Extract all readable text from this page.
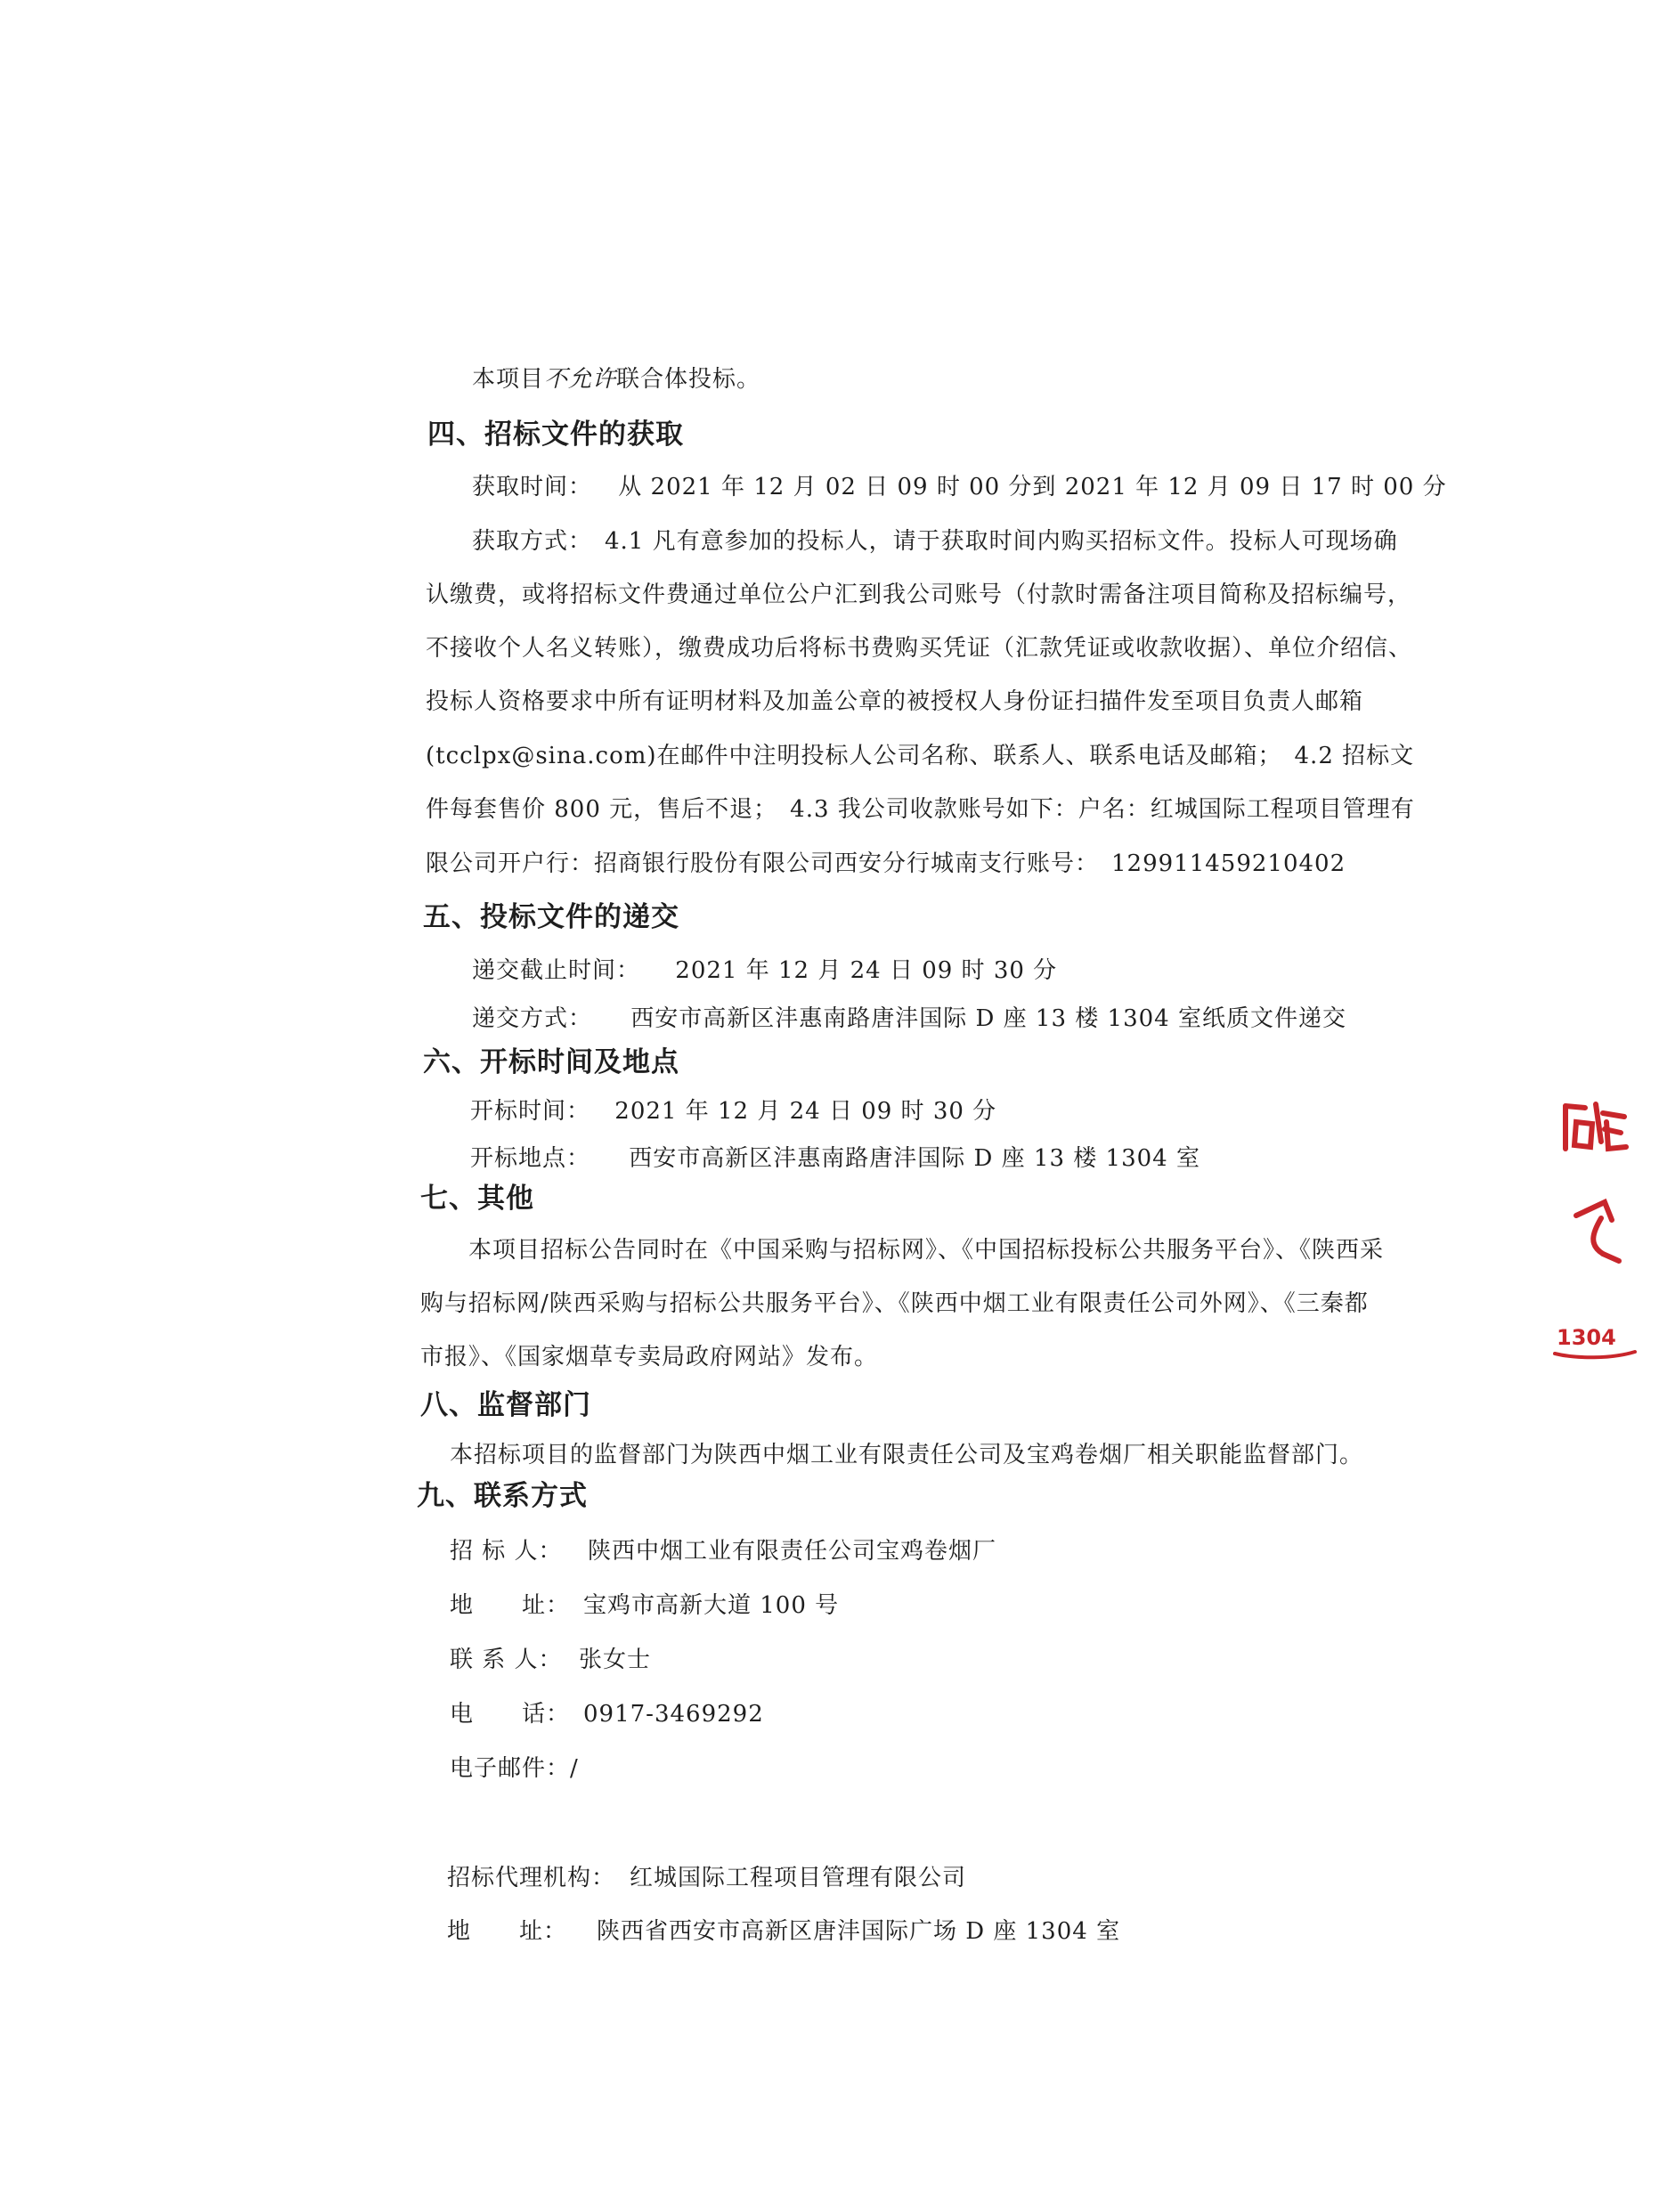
本项目不允许联合体投标。
四、招标文件的获取
获取时间： 从 2021 年 12 月 02 日 09 时 00 分到 2021 年 12 月 09 日 17 时 00 分
获取方式：　4.1 凡有意参加的投标人，请于获取时间内购买招标文件。投标人可现场确
认缴费，或将招标文件费通过单位公户汇到我公司账号（付款时需备注项目简称及招标编号，
不接收个人名义转账），缴费成功后将标书费购买凭证（汇款凭证或收款收据）、单位介绍信、
投标人资格要求中所有证明材料及加盖公章的被授权人身份证扫描件发至项目负责人邮箱
(tcclpx@sina.com)在邮件中注明投标人公司名称、联系人、联系电话及邮箱；　4.2 招标文
件每套售价 800 元，售后不退；　4.3 我公司收款账号如下：户名：红城国际工程项目管理有
限公司开户行：招商银行股份有限公司西安分行城南支行账号：　129911459210402
五、投标文件的递交
递交截止时间： 2021 年 12 月 24 日 09 时 30 分
递交方式： 西安市高新区沣惠南路唐沣国际 D 座 13 楼 1304 室纸质文件递交
六、开标时间及地点
开标时间： 2021 年 12 月 24 日 09 时 30 分
开标地点： 西安市高新区沣惠南路唐沣国际 D 座 13 楼 1304 室
七、其他
本项目招标公告同时在《中国采购与招标网》、《中国招标投标公共服务平台》、《陕西采
购与招标网/陕西采购与招标公共服务平台》、《陕西中烟工业有限责任公司外网》、《三秦都
市报》、《国家烟草专卖局政府网站》发布。
八、监督部门
本招标项目的监督部门为陕西中烟工业有限责任公司及宝鸡卷烟厂相关职能监督部门。
九、联系方式
招 标 人： 陕西中烟工业有限责任公司宝鸡卷烟厂
地　　址： 宝鸡市高新大道 100 号
联 系 人： 张女士
电　　话： 0917-3469292
电子邮件：/
招标代理机构： 红城国际工程项目管理有限公司
地　　址： 陕西省西安市高新区唐沣国际广场 D 座 1304 室
1304
